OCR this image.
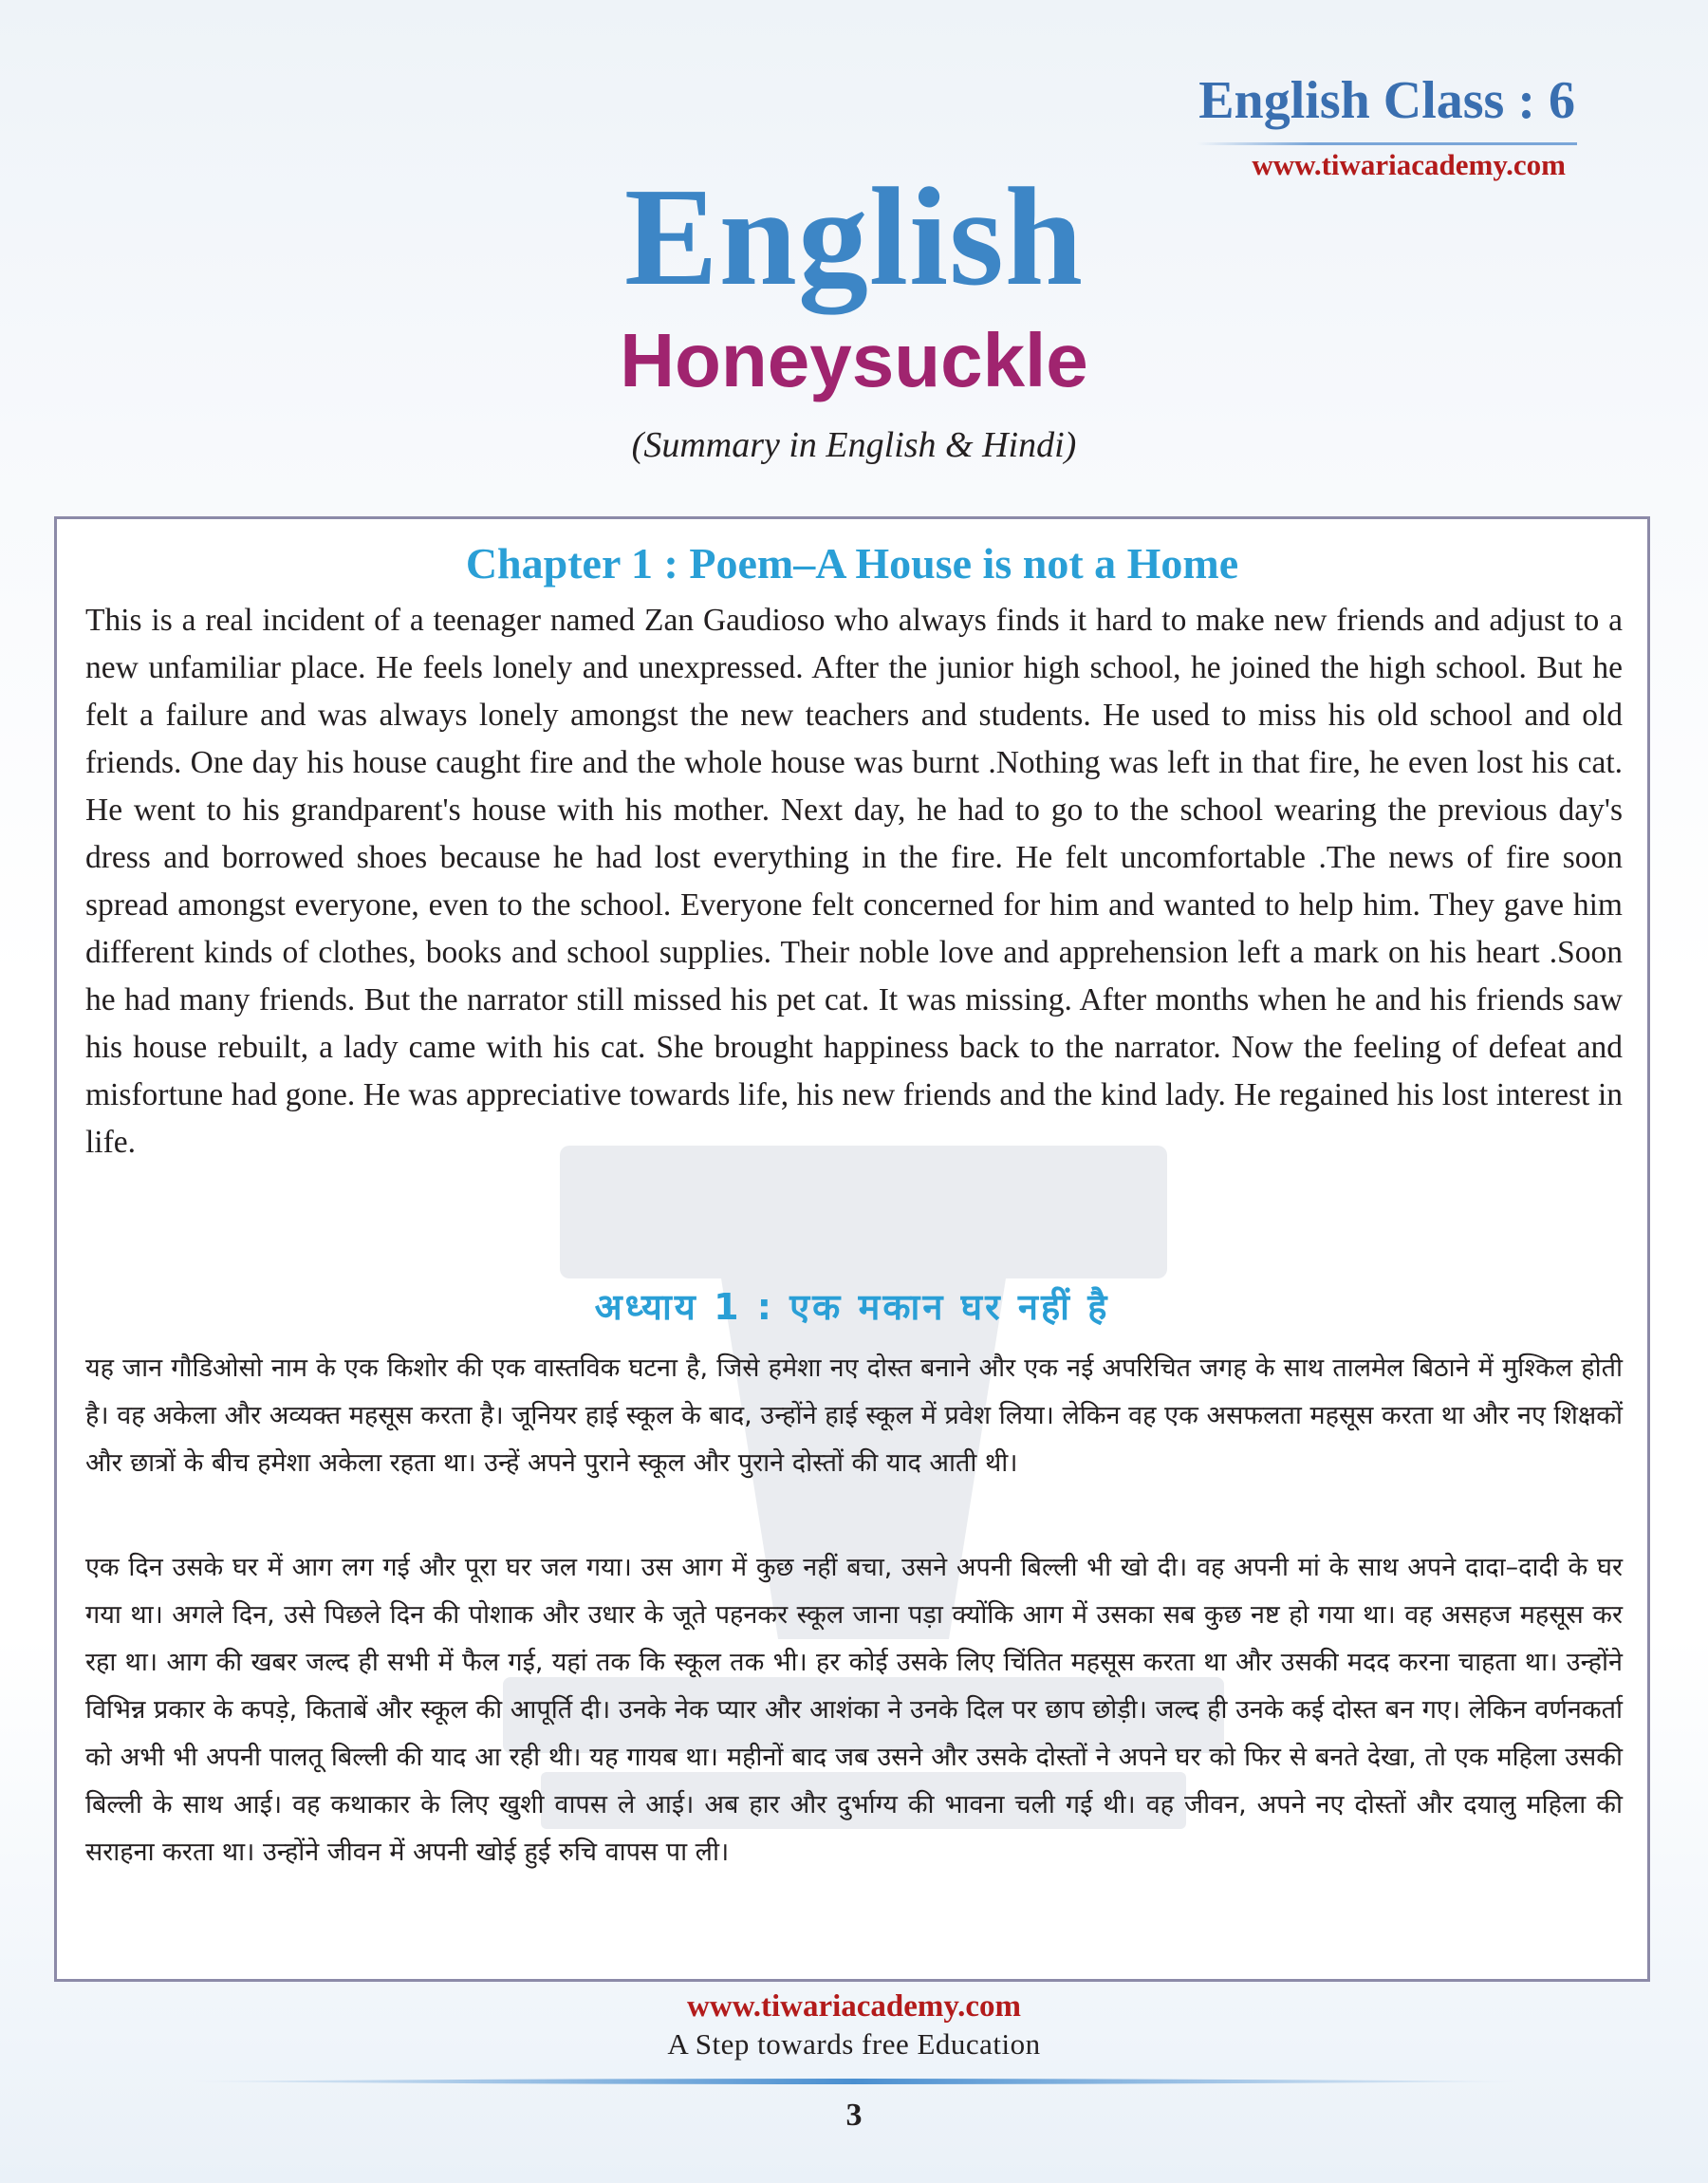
English Class : 6
www.tiwariacademy.com
English
Honeysuckle
(Summary in English & Hindi)
Chapter 1 : Poem–A House is not a Home
This is a real incident of a teenager named Zan Gaudioso who always finds it hard to make new friends and adjust to a new unfamiliar place. He feels lonely and unexpressed. After the junior high school, he joined the high school. But he felt a failure and was always lonely amongst the new teachers and students. He used to miss his old school and old friends. One day his house caught fire and the whole house was burnt .Nothing was left in that fire, he even lost his cat. He went to his grandparent's house with his mother. Next day, he had to go to the school wearing the previous day's dress and borrowed shoes because he had lost everything in the fire. He felt uncomfortable .The news of fire soon spread amongst everyone, even to the school. Everyone felt concerned for him and wanted to help him. They gave him different kinds of clothes, books and school supplies. Their noble love and apprehension left a mark on his heart .Soon he had many friends. But the narrator still missed his pet cat. It was missing. After months when he and his friends saw his house rebuilt, a lady came with his cat. She brought happiness back to the narrator. Now the feeling of defeat and misfortune had gone. He was appreciative towards life, his new friends and the kind lady. He regained his lost interest in life.
अध्याय 1 : एक मकान घर नहीं है
यह जान गौडिओसो नाम के एक किशोर की एक वास्तविक घटना है, जिसे हमेशा नए दोस्त बनाने और एक नई अपरिचित जगह के साथ तालमेल बिठाने में मुश्किल होती है। वह अकेला और अव्यक्त महसूस करता है। जूनियर हाई स्कूल के बाद, उन्होंने हाई स्कूल में प्रवेश लिया। लेकिन वह एक असफलता महसूस करता था और नए शिक्षकों और छात्रों के बीच हमेशा अकेला रहता था। उन्हें अपने पुराने स्कूल और पुराने दोस्तों की याद आती थी।
एक दिन उसके घर में आग लग गई और पूरा घर जल गया। उस आग में कुछ नहीं बचा, उसने अपनी बिल्ली भी खो दी। वह अपनी मां के साथ अपने दादा–दादी के घर गया था। अगले दिन, उसे पिछले दिन की पोशाक और उधार के जूते पहनकर स्कूल जाना पड़ा क्योंकि आग में उसका सब कुछ नष्ट हो गया था। वह असहज महसूस कर रहा था। आग की खबर जल्द ही सभी में फैल गई, यहां तक कि स्कूल तक भी। हर कोई उसके लिए चिंतित महसूस करता था और उसकी मदद करना चाहता था। उन्होंने विभिन्न प्रकार के कपड़े, किताबें और स्कूल की आपूर्ति दी। उनके नेक प्यार और आशंका ने उनके दिल पर छाप छोड़ी। जल्द ही उनके कई दोस्त बन गए। लेकिन वर्णनकर्ता को अभी भी अपनी पालतू बिल्ली की याद आ रही थी। यह गायब था। महीनों बाद जब उसने और उसके दोस्तों ने अपने घर को फिर से बनते देखा, तो एक महिला उसकी बिल्ली के साथ आई। वह कथाकार के लिए खुशी वापस ले आई। अब हार और दुर्भाग्य की भावना चली गई थी। वह जीवन, अपने नए दोस्तों और दयालु महिला की सराहना करता था। उन्होंने जीवन में अपनी खोई हुई रुचि वापस पा ली।
www.tiwariacademy.com
A Step towards free Education
3
